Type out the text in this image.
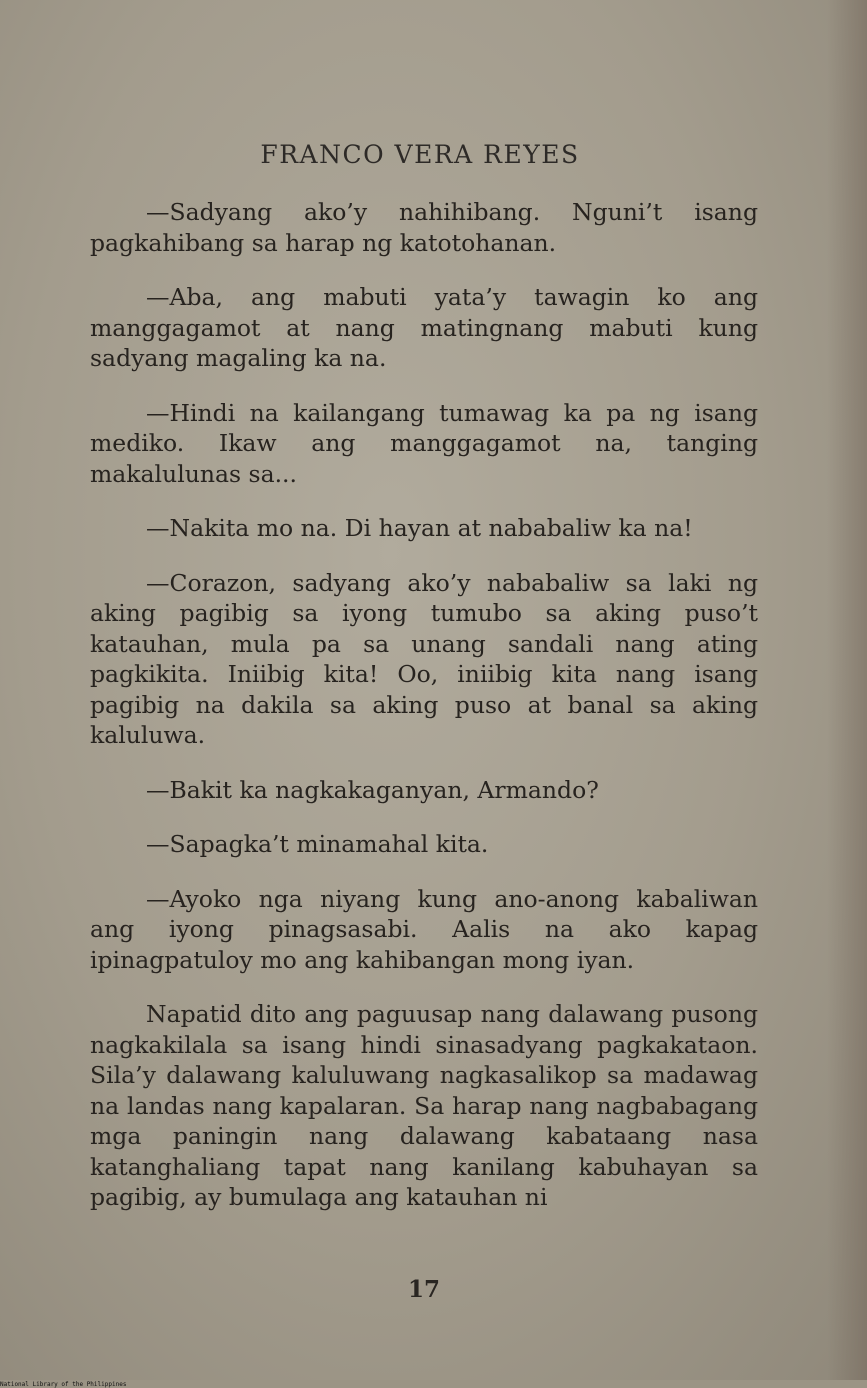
FRANCO VERA REYES

—Sadyang ako’y nahihibang. Nguni’t isang pagkahibang sa harap ng katotohanan.

—Aba, ang mabuti yata’y tawagin ko ang manggagamot at nang matingnang mabuti kung sadyang magaling ka na.

—Hindi na kailangang tumawag ka pa ng isang mediko. Ikaw ang manggagamot na, tanging makalulunas sa...

—Nakita mo na. Di hayan at nababaliw ka na!

—Corazon, sadyang ako’y nababaliw sa laki ng aking pagibig sa iyong tumubo sa aking puso’t katauhan, mula pa sa unang sandali nang ating pagkikita. Iniibig kita! Oo, iniibig kita nang isang pagibig na dakila sa aking puso at banal sa aking kaluluwa.

—Bakit ka nagkakaganyan, Armando?

—Sapagka’t minamahal kita.

—Ayoko nga niyang kung ano-anong kabaliwan ang iyong pinagsasabi. Aalis na ako kapag ipinagpatuloy mo ang kahibangan mong iyan.

Napatid dito ang paguusap nang dalawang pusong nagkakilala sa isang hindi sinasadyang pagkakataon. Sila’y dalawang kaluluwang nagkasalikop sa madawag na landas nang kapalaran. Sa harap nang nagbabagang mga paningin nang dalawang kabataang nasa katanghaliang tapat nang kanilang kabuhayan sa pagibig, ay bumulaga ang katauhan ni

17
National Library of the Philippines
